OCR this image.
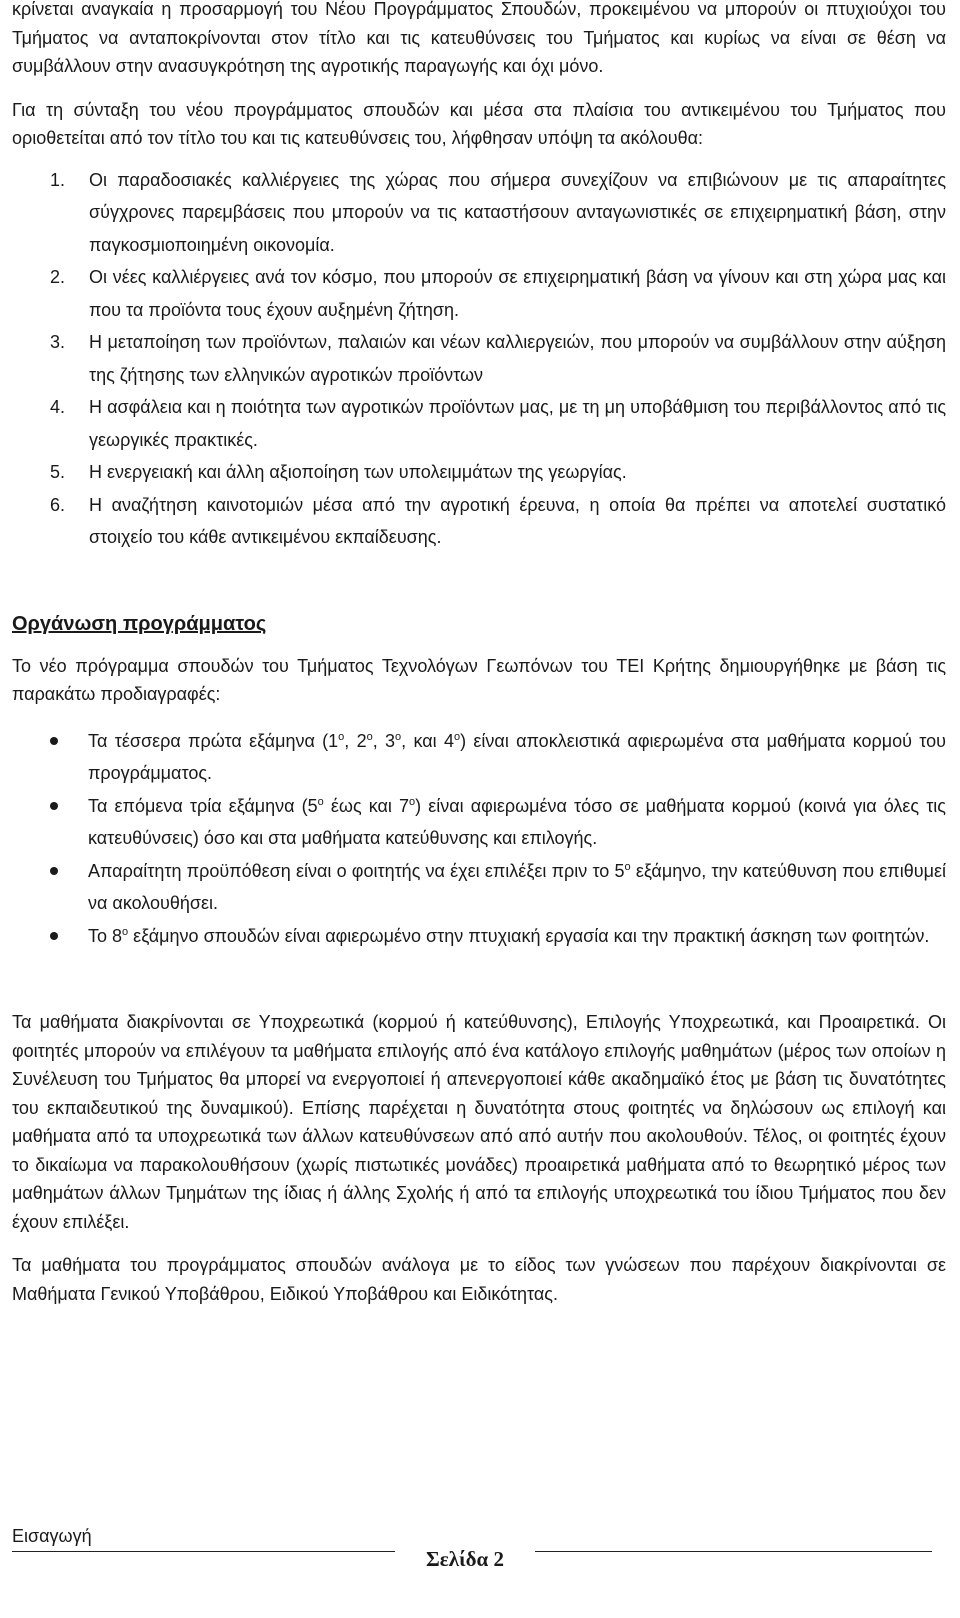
κρίνεται αναγκαία η προσαρμογή του Νέου Προγράμματος Σπουδών, προκειμένου να μπορούν οι πτυχιούχοι του Τμήματος να ανταποκρίνονται στον τίτλο και τις κατευθύνσεις του Τμήματος και κυρίως να είναι σε θέση να συμβάλλουν στην ανασυγκρότηση της αγροτικής παραγωγής και όχι μόνο.

Για τη σύνταξη του νέου προγράμματος σπουδών και μέσα στα πλαίσια του αντικειμένου του Τμήματος που οριοθετείται από τον τίτλο του και τις κατευθύνσεις του, λήφθησαν υπόψη τα ακόλουθα:

1. Οι παραδοσιακές καλλιέργειες της χώρας που σήμερα συνεχίζουν να επιβιώνουν με τις απαραίτητες σύγχρονες παρεμβάσεις που μπορούν να τις καταστήσουν ανταγωνιστικές σε επιχειρηματική βάση, στην παγκοσμιοποιημένη οικονομία.
2. Οι νέες καλλιέργειες ανά τον κόσμο, που μπορούν σε επιχειρηματική βάση να γίνουν και στη χώρα μας και που τα προϊόντα τους έχουν αυξημένη ζήτηση.
3. Η μεταποίηση των προϊόντων, παλαιών και νέων καλλιεργειών, που μπορούν να συμβάλλουν στην αύξηση της ζήτησης των ελληνικών αγροτικών προϊόντων
4. Η ασφάλεια και η ποιότητα των αγροτικών προϊόντων μας, με τη μη υποβάθμιση του περιβάλλοντος από τις γεωργικές πρακτικές.
5. Η ενεργειακή και άλλη αξιοποίηση των υπολειμμάτων της γεωργίας.
6. Η αναζήτηση καινοτομιών μέσα από την αγροτική έρευνα, η οποία θα πρέπει να αποτελεί συστατικό στοιχείο του κάθε αντικειμένου εκπαίδευσης.
Οργάνωση προγράμματος

Το νέο πρόγραμμα σπουδών του Τμήματος Τεχνολόγων Γεωπόνων του ΤΕΙ Κρήτης δημιουργήθηκε με βάση τις παρακάτω προδιαγραφές:

Τα τέσσερα πρώτα εξάμηνα ($1^o$, $2^o$, $3^o$, και $4^o$) είναι αποκλειστικά αφιερωμένα στα μαθήματα κορμού του προγράμματος.
Τα επόμενα τρία εξάμηνα ($5^o$ έως και $7^o$) είναι αφιερωμένα τόσο σε μαθήματα κορμού (κοινά για όλες τις κατευθύνσεις) όσο και στα μαθήματα κατεύθυνσης και επιλογής.
Απαραίτητη προϋπόθεση είναι ο φοιτητής να έχει επιλέξει πριν το $5^o$ εξάμηνο, την κατεύθυνση που επιθυμεί να ακολουθήσει.
Το $8^o$ εξάμηνο σπουδών είναι αφιερωμένο στην πτυχιακή εργασία και την πρακτική άσκηση των φοιτητών.

Τα μαθήματα διακρίνονται σε Υποχρεωτικά (κορμού ή κατεύθυνσης), Επιλογής Υποχρεωτικά, και Προαιρετικά. Οι φοιτητές μπορούν να επιλέγουν τα μαθήματα επιλογής από ένα κατάλογο επιλογής μαθημάτων (μέρος των οποίων η Συνέλευση του Τμήματος θα μπορεί να ενεργοποιεί ή απενεργοποιεί κάθε ακαδημαϊκό έτος με βάση τις δυνατότητες του εκπαιδευτικού της δυναμικού). Επίσης παρέχεται η δυνατότητα στους φοιτητές να δηλώσουν ως επιλογή και μαθήματα από τα υποχρεωτικά των άλλων κατευθύνσεων από από αυτήν που ακολουθούν. Τέλος, οι φοιτητές έχουν το δικαίωμα να παρακολουθήσουν (χωρίς πιστωτικές μονάδες) προαιρετικά μαθήματα από το θεωρητικό μέρος των μαθημάτων άλλων Τμημάτων της ίδιας ή άλλης Σχολής ή από τα επιλογής υποχρεωτικά του ίδιου Τμήματος που δεν έχουν επιλέξει.

Τα μαθήματα του προγράμματος σπουδών ανάλογα με το είδος των γνώσεων που παρέχουν διακρίνονται σε Μαθήματα Γενικού Υποβάθρου, Ειδικού Υποβάθρου και Ειδικότητας.

Εισαγωγή
Σελίδα 2
